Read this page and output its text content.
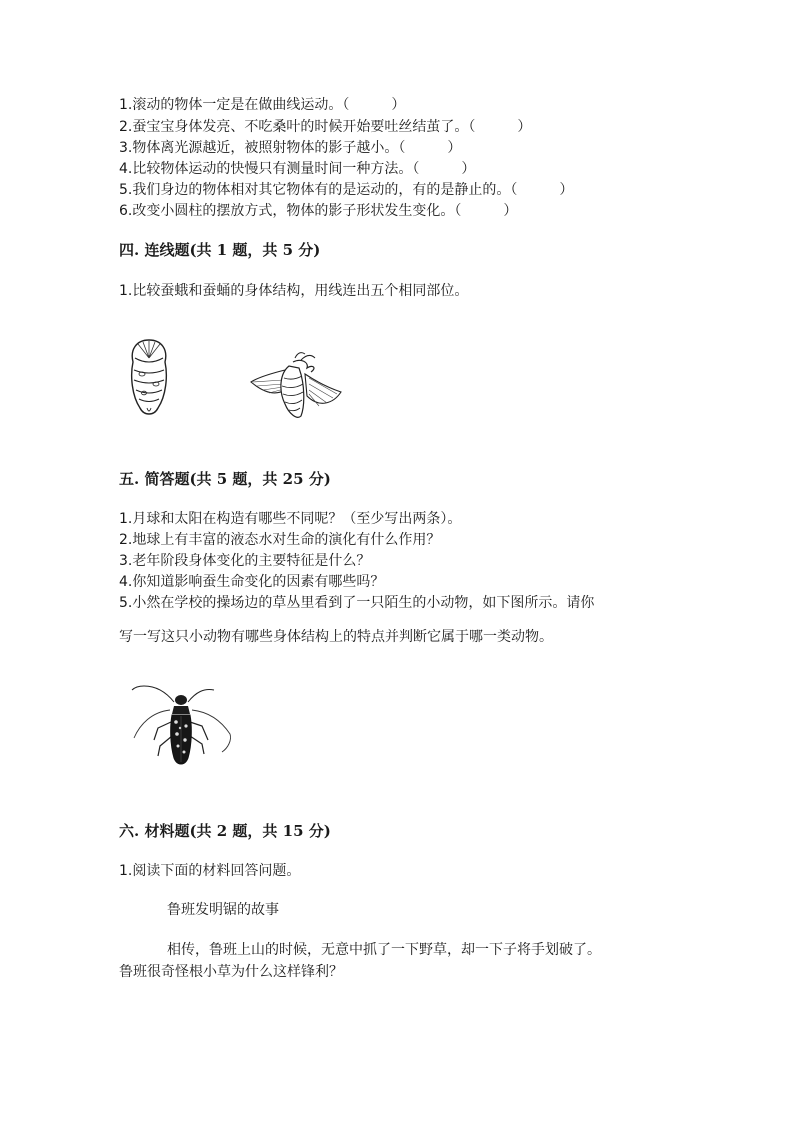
1.滚动的物体一定是在做曲线运动。（　　　）
2.蚕宝宝身体发亮、不吃桑叶的时候开始要吐丝结茧了。（　　　）
3.物体离光源越近，被照射物体的影子越小。（　　　）
4.比较物体运动的快慢只有测量时间一种方法。（　　　）
5.我们身边的物体相对其它物体有的是运动的，有的是静止的。（　　　）
6.改变小圆柱的摆放方式，物体的影子形状发生变化。（　　　）
四. 连线题(共 1 题，共 5 分)
1.比较蚕蛾和蚕蛹的身体结构，用线连出五个相同部位。
五. 简答题(共 5 题，共 25 分)
1.月球和太阳在构造有哪些不同呢？（至少写出两条）。
2.地球上有丰富的液态水对生命的演化有什么作用？
3.老年阶段身体变化的主要特征是什么？
4.你知道影响蚕生命变化的因素有哪些吗？
5.小然在学校的操场边的草丛里看到了一只陌生的小动物，如下图所示。请你
写一写这只小动物有哪些身体结构上的特点并判断它属于哪一类动物。
六. 材料题(共 2 题，共 15 分)
1.阅读下面的材料回答问题。
鲁班发明锯的故事
相传，鲁班上山的时候，无意中抓了一下野草，却一下子将手划破了。
鲁班很奇怪根小草为什么这样锋利？
